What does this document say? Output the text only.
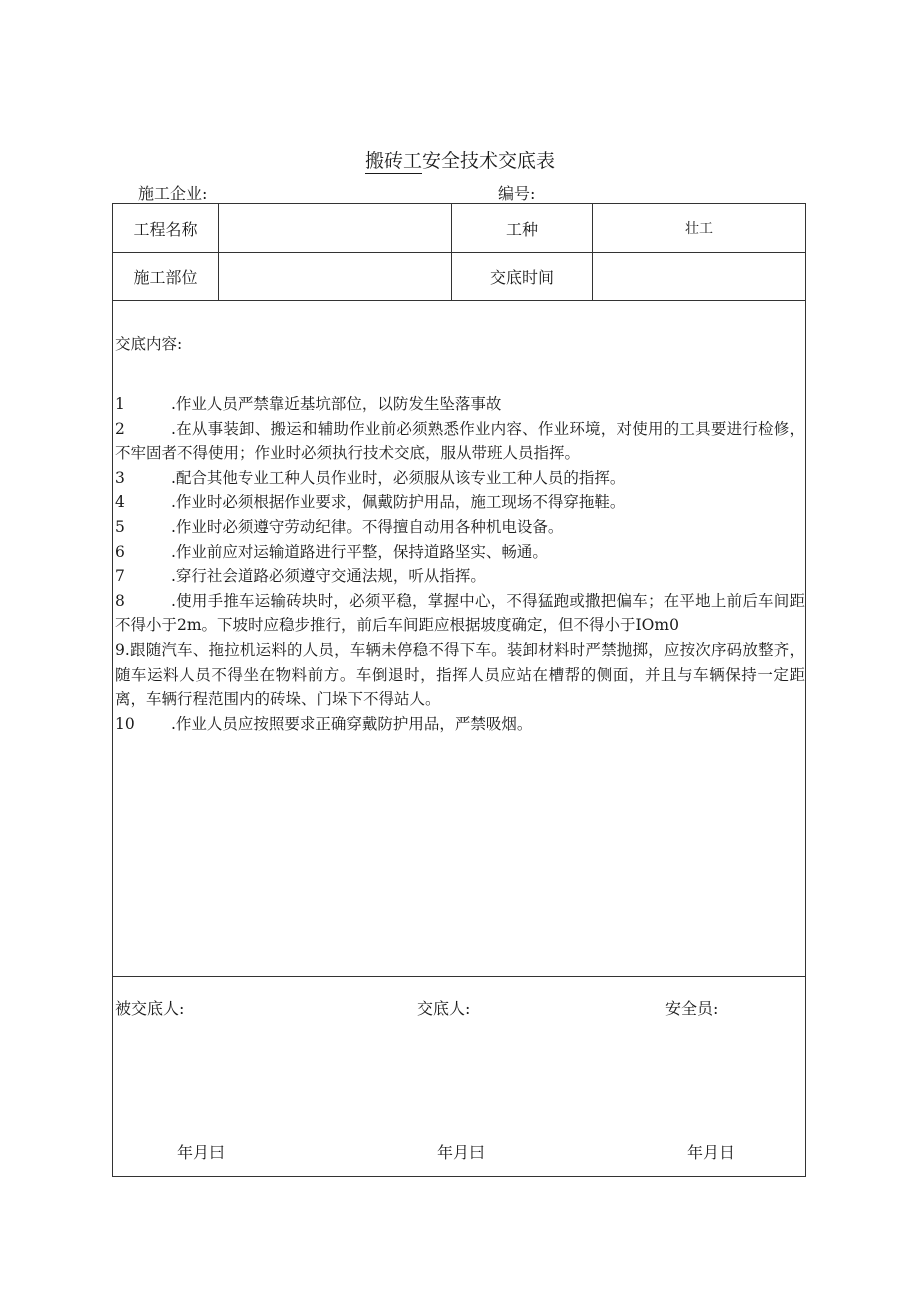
搬砖工安全技术交底表
施工企业:	编号:
工程名称	工种	壮工
施工部位	交底时间
交底内容:
1	.作业人员严禁靠近基坑部位，以防发生坠落事故
2	.在从事装卸、搬运和辅助作业前必须熟悉作业内容、作业环境，对使用的工具要进行检修，不牢固者不得使用；作业时必须执行技术交底，服从带班人员指挥。
3	.配合其他专业工种人员作业时，必须服从该专业工种人员的指挥。
4	.作业时必须根据作业要求，佩戴防护用品，施工现场不得穿拖鞋。
5	.作业时必须遵守劳动纪律。不得擅自动用各种机电设备。
6	.作业前应对运输道路进行平整，保持道路坚实、畅通。
7	.穿行社会道路必须遵守交通法规，听从指挥。
8	.使用手推车运输砖块时，必须平稳，掌握中心，不得猛跑或撒把偏车；在平地上前后车间距不得小于2m。下坡时应稳步推行，前后车间距应根据坡度确定，但不得小于IOm0
9.跟随汽车、拖拉机运料的人员，车辆未停稳不得下车。装卸材料时严禁抛掷，应按次序码放整齐，随车运料人员不得坐在物料前方。车倒退时，指挥人员应站在槽帮的侧面，并且与车辆保持一定距离，车辆行程范围内的砖垛、门垛下不得站人。
10 .作业人员应按照要求正确穿戴防护用品，严禁吸烟。
被交底人:	交底人:	安全员:
年月曰	年月曰	年月日
